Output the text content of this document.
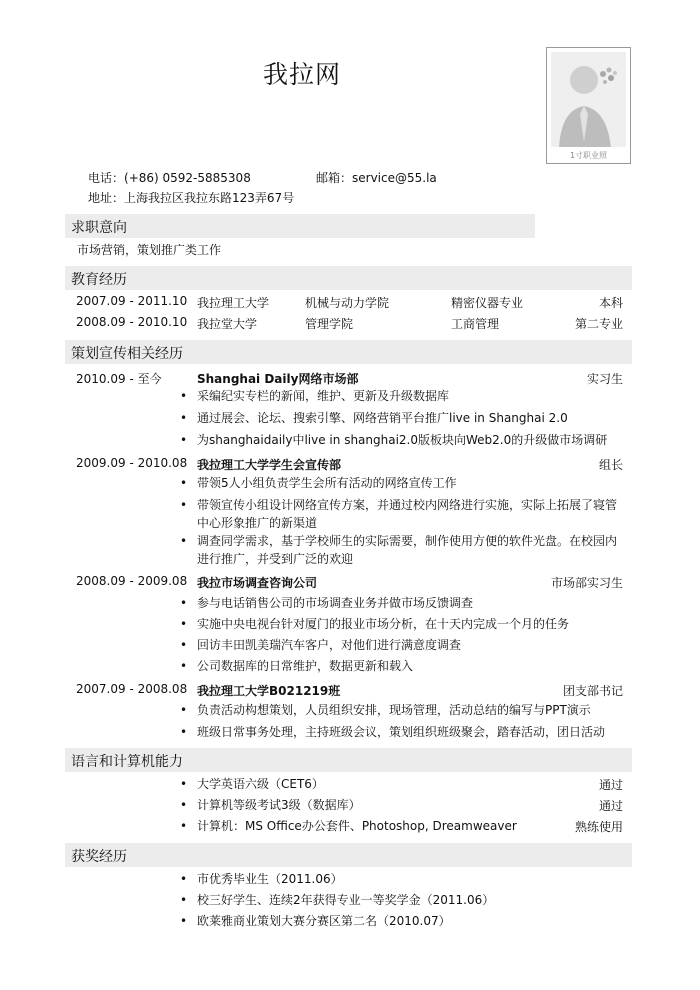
我拉网
1寸职业照
电话：(+86) 0592-5885308	邮箱：service@55.la
地址：上海我拉区我拉东路123弄67号
求职意向
市场营销，策划推广类工作
教育经历
2007.09 - 2011.10 我拉理工大学	机械与动力学院	精密仪器专业	本科
2008.09 - 2010.10 我拉堂大学	管理学院	工商管理	第二专业
策划宣传相关经历
2010.09 - 至今	Shanghai Daily网络市场部	实习生
• 采编纪实专栏的新闻，维护、更新及升级数据库
• 通过展会、论坛、搜索引擎、网络营销平台推广live in Shanghai 2.0
• 为shanghaidaily中live in shanghai2.0版板块向Web2.0的升级做市场调研
2009.09 - 2010.08 我拉理工大学学生会宣传部	组长
• 带领5人小组负责学生会所有活动的网络宣传工作
• 带领宣传小组设计网络宣传方案，并通过校内网络进行实施，实际上拓展了寝管中心形象推广的新渠道
• 调查同学需求，基于学校师生的实际需要，制作使用方便的软件光盘。在校园内进行推广，并受到广泛的欢迎
2008.09 - 2009.08 我拉市场调查咨询公司	市场部实习生
• 参与电话销售公司的市场调查业务并做市场反馈调查
• 实施中央电视台针对厦门的报业市场分析，在十天内完成一个月的任务
• 回访丰田凯美瑞汽车客户，对他们进行满意度调查
• 公司数据库的日常维护，数据更新和载入
2007.09 - 2008.08 我拉理工大学B021219班	团支部书记
• 负责活动构想策划，人员组织安排，现场管理，活动总结的编写与PPT演示
• 班级日常事务处理，主持班级会议，策划组织班级聚会，踏春活动，团日活动
语言和计算机能力
• 大学英语六级（CET6）	通过
• 计算机等级考试3级（数据库）	通过
• 计算机：MS Office办公套件、Photoshop, Dreamweaver	熟练使用
获奖经历
• 市优秀毕业生（2011.06）
• 校三好学生、连续2年获得专业一等奖学金（2011.06）
• 欧莱雅商业策划大赛分赛区第二名（2010.07）
